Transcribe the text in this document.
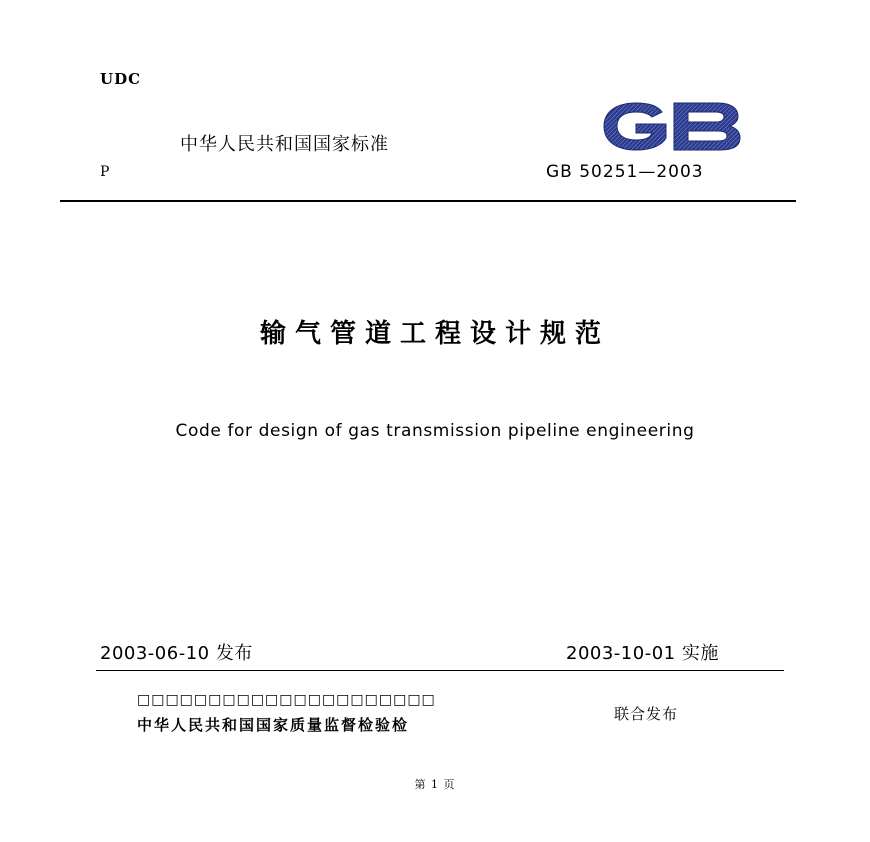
UDC
中华人民共和国国家标准
P	GB 50251—2003
输气管道工程设计规范
Code for design of gas transmission pipeline engineering
2003-06-10 发布	2003-10-01 实施
□□□□□□□□□□□□□□□□□□□□□
中华人民共和国国家质量监督检验检
联合发布
第 1 页
